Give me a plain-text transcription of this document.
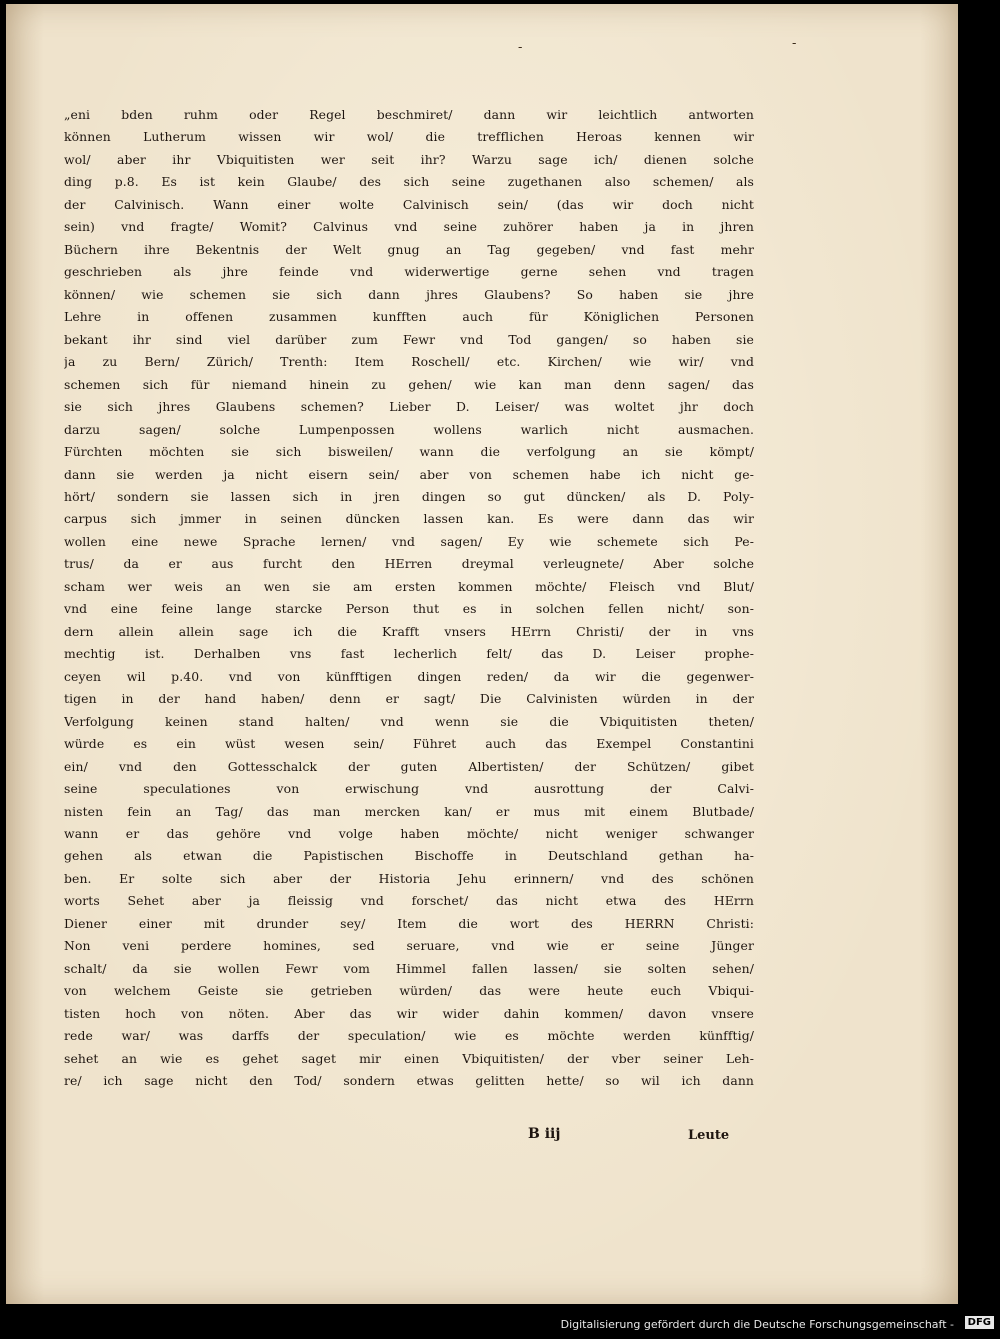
-	-
„eni bden ruhm oder Regel beschmiret/ dann wir leichtlich antworten
können Lutherum wissen wir wol/ die trefflichen Heroas kennen wir
wol/ aber ihr Vbiquitisten wer seit ihr? Warzu sage ich/ dienen solche
ding p.8. Es ist kein Glaube/ des sich seine zugethanen also schemen/ als
der Calvinisch. Wann einer wolte Calvinisch sein/ (das wir doch nicht
sein) vnd fragte/ Womit? Calvinus vnd seine zuhörer haben ja in jhren
Büchern ihre Bekentnis der Welt gnug an Tag gegeben/ vnd fast mehr
geschrieben als jhre feinde vnd widerwertige gerne sehen vnd tragen
können/ wie schemen sie sich dann jhres Glaubens? So haben sie jhre
Lehre in offenen zusammen kunfften auch für Königlichen Personen
bekant ihr sind viel darüber zum Fewr vnd Tod gangen/ so haben sie
ja zu Bern/ Zürich/ Trenth: Item Roschell/ etc. Kirchen/ wie wir/ vnd
schemen sich für niemand hinein zu gehen/ wie kan man denn sagen/ das
sie sich jhres Glaubens schemen? Lieber D. Leiser/ was woltet jhr doch
darzu sagen/ solche Lumpenpossen wollens warlich nicht ausmachen.
Fürchten möchten sie sich bisweilen/ wann die verfolgung an sie kömpt/
dann sie werden ja nicht eisern sein/ aber von schemen habe ich nicht ge-
hört/ sondern sie lassen sich in jren dingen so gut düncken/ als D. Poly-
carpus sich jmmer in seinen düncken lassen kan. Es were dann das wir
wollen eine newe Sprache lernen/ vnd sagen/ Ey wie schemete sich Pe-
trus/ da er aus furcht den HErren dreymal verleugnete/ Aber solche
scham wer weis an wen sie am ersten kommen möchte/ Fleisch vnd Blut/
vnd eine feine lange starcke Person thut es in solchen fellen nicht/ son-
dern allein allein sage ich die Krafft vnsers HErrn Christi/ der in vns
mechtig ist. Derhalben vns fast lecherlich felt/ das D. Leiser prophe-
ceyen wil p.40. vnd von künfftigen dingen reden/ da wir die gegenwer-
tigen in der hand haben/ denn er sagt/ Die Calvinisten würden in der
Verfolgung keinen stand halten/ vnd wenn sie die Vbiquitisten theten/
würde es ein wüst wesen sein/ Führet auch das Exempel Constantini
ein/ vnd den Gottesschalck der guten Albertisten/ der Schützen/ gibet
seine speculationes von erwischung vnd ausrottung der Calvi-
nisten fein an Tag/ das man mercken kan/ er mus mit einem Blutbade/
wann er das gehöre vnd volge haben möchte/ nicht weniger schwanger
gehen als etwan die Papistischen Bischoffe in Deutschland gethan ha-
ben. Er solte sich aber der Historia Jehu erinnern/ vnd des schönen
worts Sehet aber ja fleissig vnd forschet/ das nicht etwa des HErrn
Diener einer mit drunder sey/ Item die wort des HERRN Christi:
Non veni perdere homines, sed seruare, vnd wie er seine Jünger
schalt/ da sie wollen Fewr vom Himmel fallen lassen/ sie solten sehen/
von welchem Geiste sie getrieben würden/ das were heute euch Vbiqui-
tisten hoch von nöten. Aber das wir wider dahin kommen/ davon vnsere
rede war/ was darffs der speculation/ wie es möchte werden künfftig/
sehet an wie es gehet saget mir einen Vbiquitisten/ der vber seiner Leh-
re/ ich sage nicht den Tod/ sondern etwas gelitten hette/ so wil ich dann
B iij	Leute
Digitalisierung gefördert durch die Deutsche Forschungsgemeinschaft -	DFG
